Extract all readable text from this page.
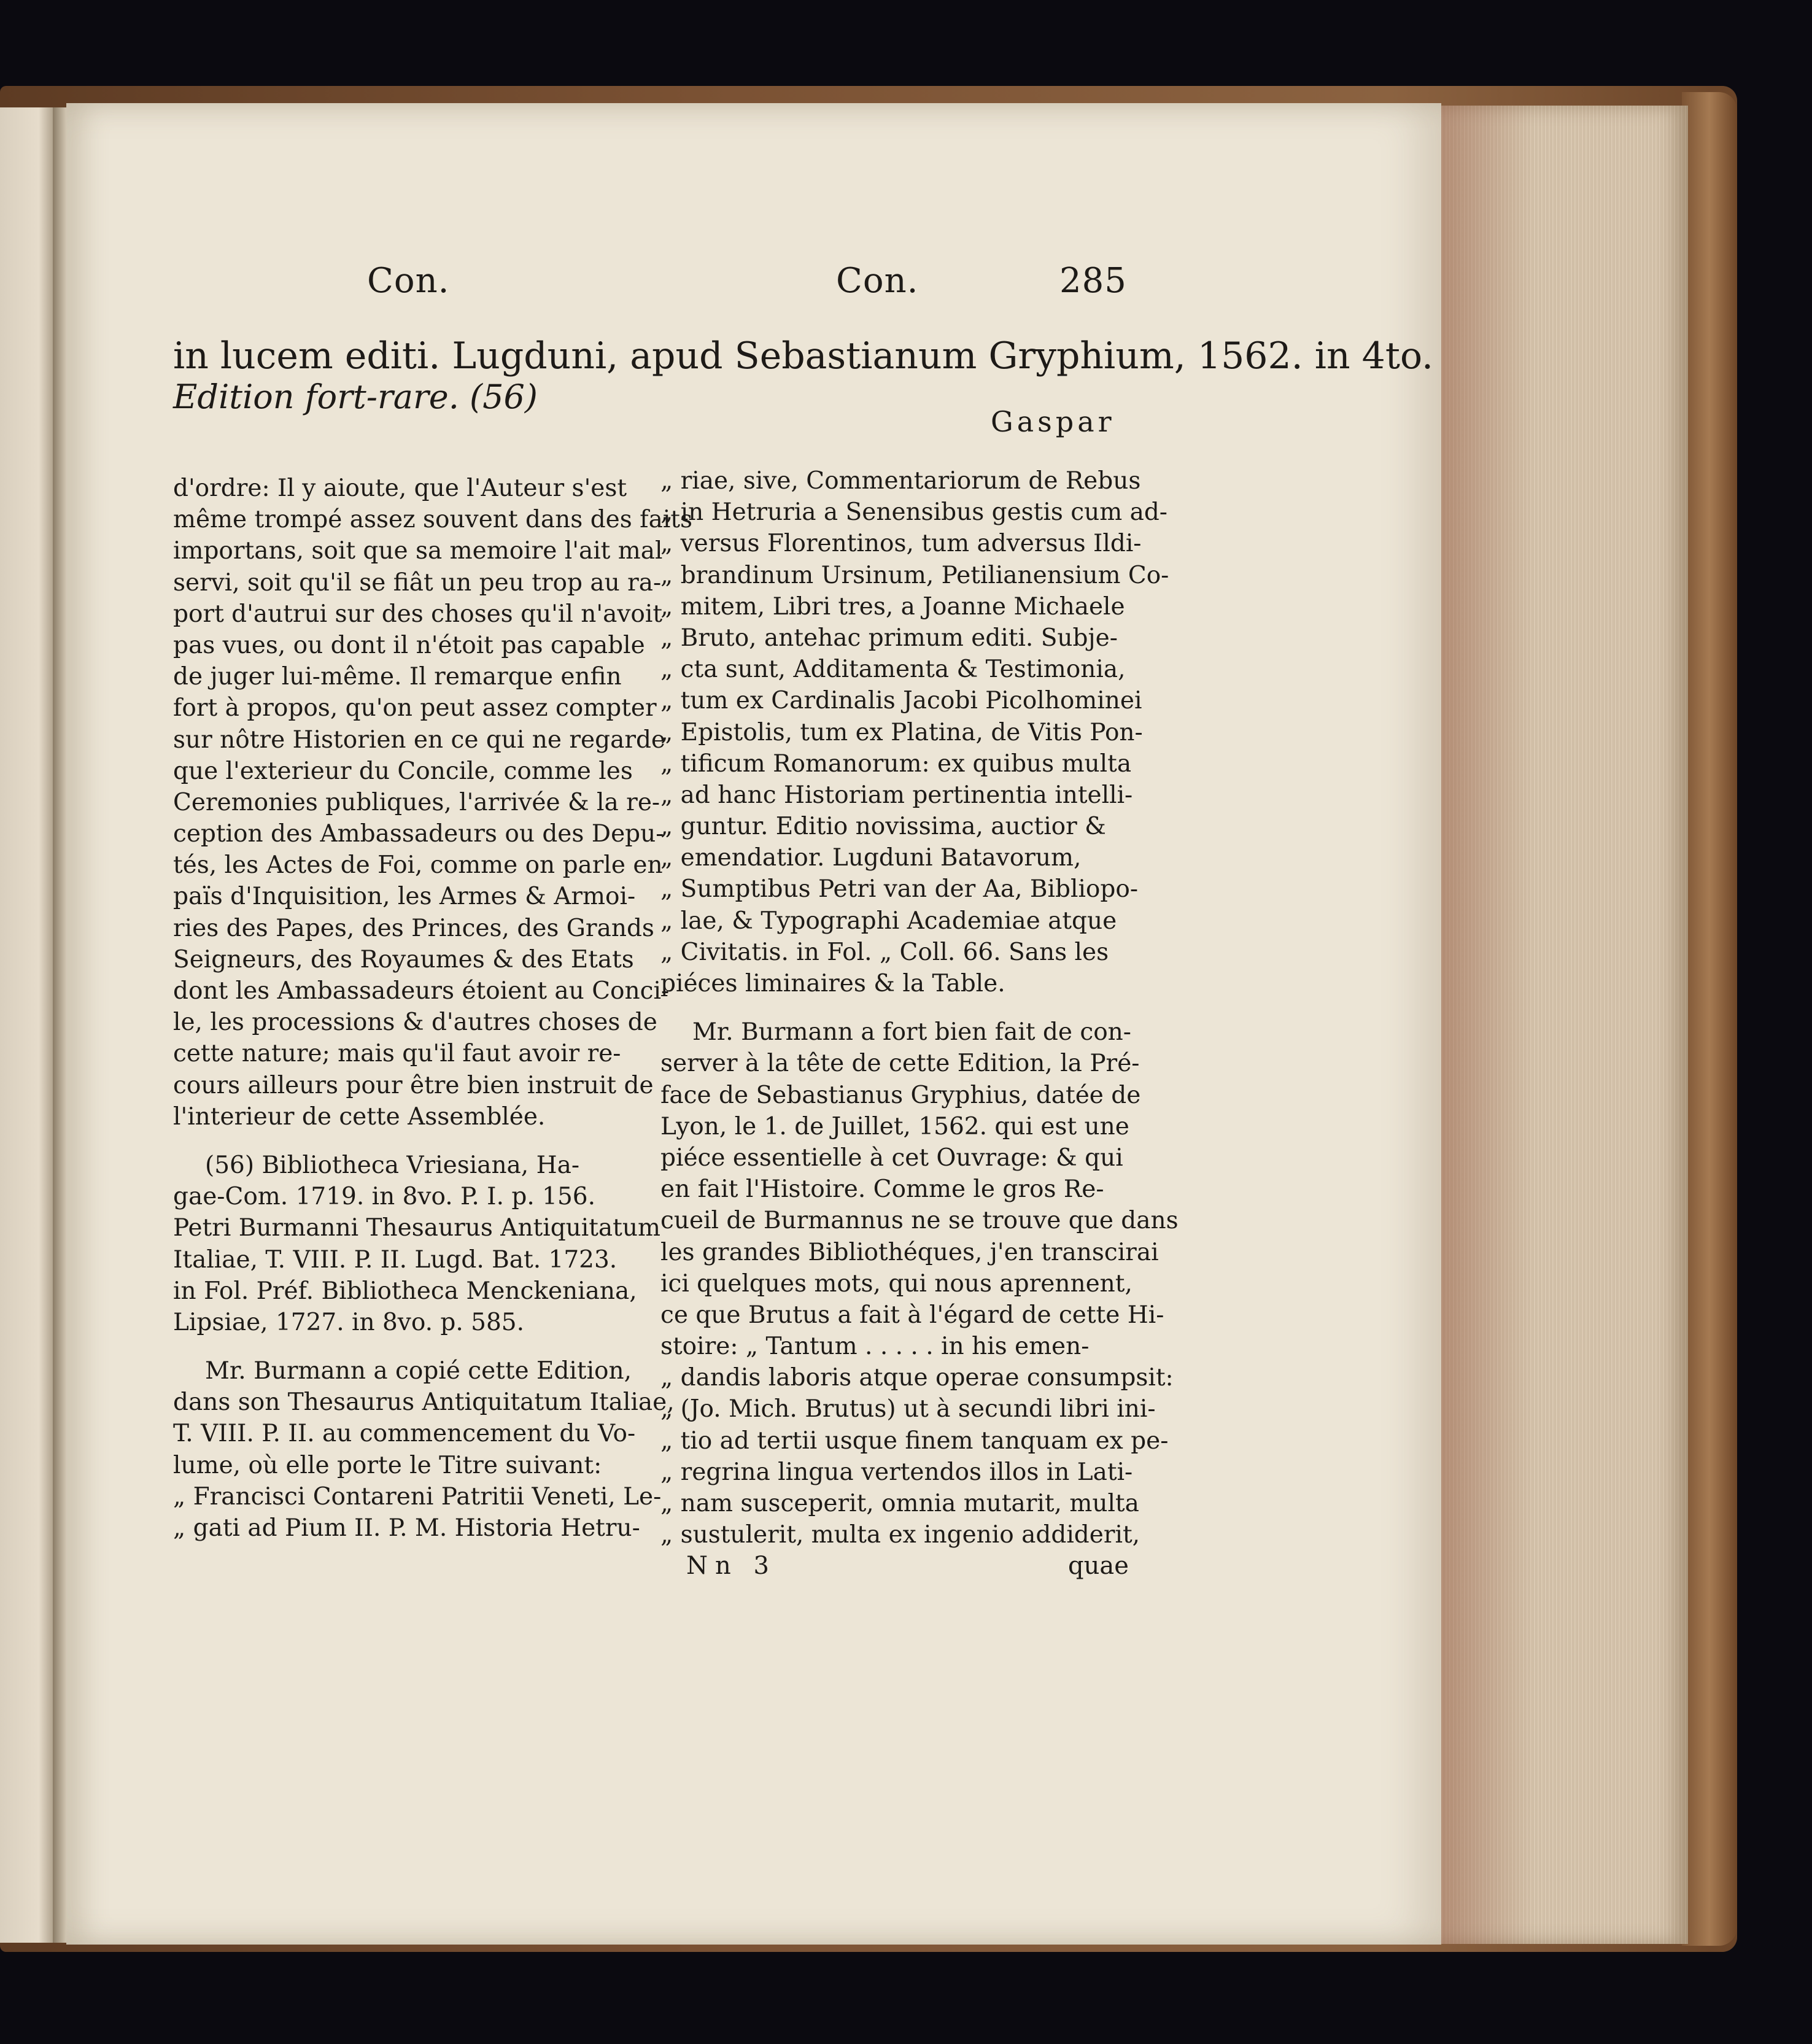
Con.	Con.	285
in lucem editi. Lugduni, apud Sebastianum Gryphium, 1562. in 4to.
Edition fort-rare. (56)
Gaspar
d'ordre: Il y aioute, que l'Auteur s'est
même trompé assez souvent dans des faits
importans, soit que sa memoire l'ait mal
servi, soit qu'il se fiât un peu trop au ra-
port d'autrui sur des choses qu'il n'avoit
pas vues, ou dont il n'étoit pas capable
de juger lui-même. Il remarque enfin
fort à propos, qu'on peut assez compter
sur nôtre Historien en ce qui ne regarde
que l'exterieur du Concile, comme les
Ceremonies publiques, l'arrivée & la re-
ception des Ambassadeurs ou des Depu-
tés, les Actes de Foi, comme on parle en
païs d'Inquisition, les Armes & Armoi-
ries des Papes, des Princes, des Grands
Seigneurs, des Royaumes & des Etats
dont les Ambassadeurs étoient au Conci-
le, les processions & d'autres choses de
cette nature; mais qu'il faut avoir re-
cours ailleurs pour être bien instruit de
l'interieur de cette Assemblée.
(56) Bibliotheca Vriesiana, Ha-
gae-Com. 1719. in 8vo. P. I. p. 156.
Petri Burmanni Thesaurus Antiquitatum
Italiae, T. VIII. P. II. Lugd. Bat. 1723.
in Fol. Préf. Bibliotheca Menckeniana,
Lipsiae, 1727. in 8vo. p. 585.
Mr. Burmann a copié cette Edition,
dans son Thesaurus Antiquitatum Italiae,
T. VIII. P. II. au commencement du Vo-
lume, où elle porte le Titre suivant:
„ Francisci Contareni Patritii Veneti, Le-
„ gati ad Pium II. P. M. Historia Hetru-
„ riae, sive, Commentariorum de Rebus
„ in Hetruria a Senensibus gestis cum ad-
„ versus Florentinos, tum adversus Ildi-
„ brandinum Ursinum, Petilianensium Co-
„ mitem, Libri tres, a Joanne Michaele
„ Bruto, antehac primum editi. Subje-
„ cta sunt, Additamenta & Testimonia,
„ tum ex Cardinalis Jacobi Picolhominei
„ Epistolis, tum ex Platina, de Vitis Pon-
„ tificum Romanorum: ex quibus multa
„ ad hanc Historiam pertinentia intelli-
„ guntur. Editio novissima, auctior &
„ emendatior. Lugduni Batavorum,
„ Sumptibus Petri van der Aa, Bibliopo-
„ lae, & Typographi Academiae atque
„ Civitatis. in Fol. „ Coll. 66. Sans les
piéces liminaires & la Table.
Mr. Burmann a fort bien fait de con-
server à la tête de cette Edition, la Pré-
face de Sebastianus Gryphius, datée de
Lyon, le 1. de Juillet, 1562. qui est une
piéce essentielle à cet Ouvrage: & qui
en fait l'Histoire. Comme le gros Re-
cueil de Burmannus ne se trouve que dans
les grandes Bibliothéques, j'en transcirai
ici quelques mots, qui nous aprennent,
ce que Brutus a fait à l'égard de cette Hi-
stoire: „ Tantum . . . . . in his emen-
„ dandis laboris atque operae consumpsit:
„ (Jo. Mich. Brutus) ut à secundi libri ini-
„ tio ad tertii usque finem tanquam ex pe-
„ regrina lingua vertendos illos in Lati-
„ nam susceperit, omnia mutarit, multa
„ sustulerit, multa ex ingenio addiderit,
Nn 3	quae
